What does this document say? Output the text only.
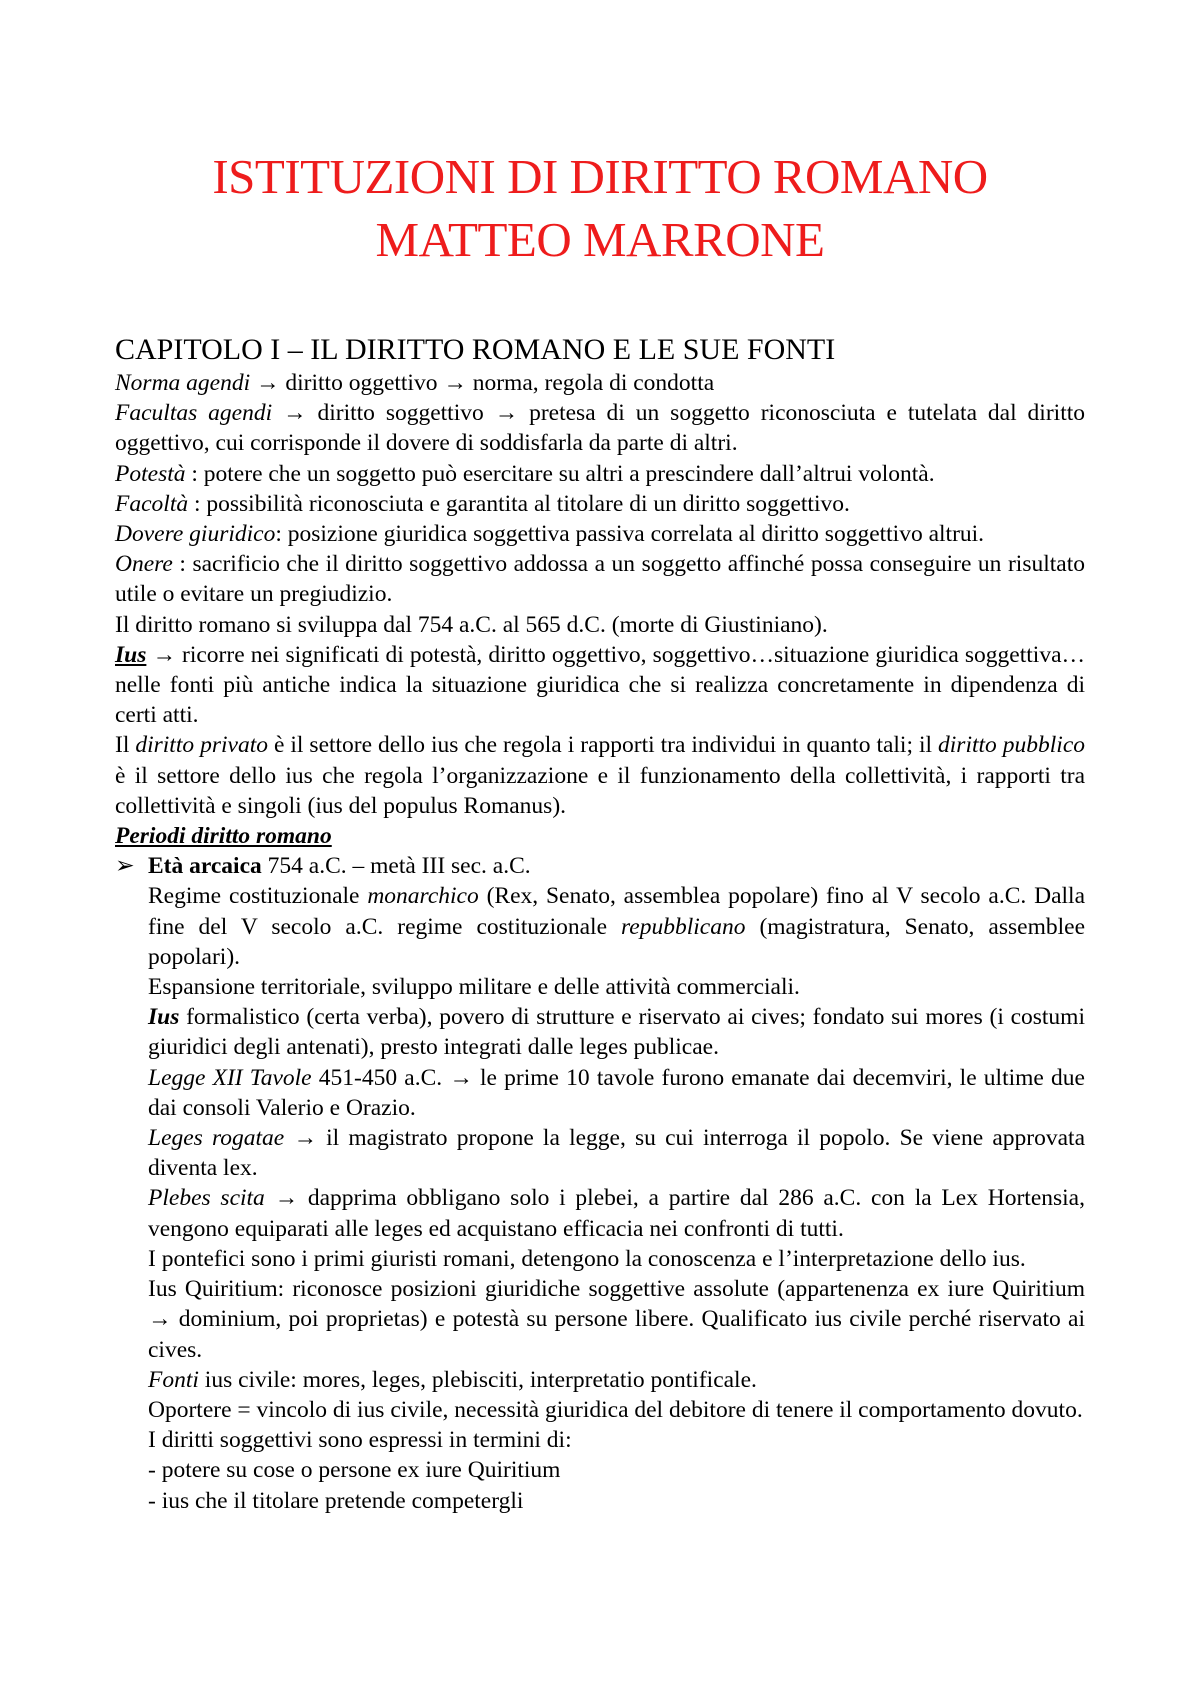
ISTITUZIONI DI DIRITTO ROMANO
MATTEO MARRONE
CAPITOLO I – IL DIRITTO ROMANO E LE SUE FONTI

Norma agendi → diritto oggettivo → norma, regola di condotta

Facultas agendi → diritto soggettivo → pretesa di un soggetto riconosciuta e tutelata dal diritto oggettivo, cui corrisponde il dovere di soddisfarla da parte di altri.

Potestà : potere che un soggetto può esercitare su altri a prescindere dall’altrui volontà.

Facoltà : possibilità riconosciuta e garantita al titolare di un diritto soggettivo.

Dovere giuridico: posizione giuridica soggettiva passiva correlata al diritto soggettivo altrui.

Onere : sacrificio che il diritto soggettivo addossa a un soggetto affinché possa conseguire un risultato utile o evitare un pregiudizio.

Il diritto romano si sviluppa dal 754 a.C. al 565 d.C. (morte di Giustiniano).

Ius → ricorre nei significati di potestà, diritto oggettivo, soggettivo…situazione giuridica soggettiva… nelle fonti più antiche indica la situazione giuridica che si realizza concretamente in dipendenza di certi atti.

Il diritto privato è il settore dello ius che regola i rapporti tra individui in quanto tali; il diritto pubblico è il settore dello ius che regola l’organizzazione e il funzionamento della collettività, i rapporti tra collettività e singoli (ius del populus Romanus).

Periodi diritto romano

➢ Età arcaica 754 a.C. – metà III sec. a.C.

Regime costituzionale monarchico (Rex, Senato, assemblea popolare) fino al V secolo a.C. Dalla fine del V secolo a.C. regime costituzionale repubblicano (magistratura, Senato, assemblee popolari).

Espansione territoriale, sviluppo militare e delle attività commerciali.

Ius formalistico (certa verba), povero di strutture e riservato ai cives; fondato sui mores (i costumi giuridici degli antenati), presto integrati dalle leges publicae.

Legge XII Tavole 451-450 a.C. → le prime 10 tavole furono emanate dai decemviri, le ultime due dai consoli Valerio e Orazio.

Leges rogatae → il magistrato propone la legge, su cui interroga il popolo. Se viene approvata diventa lex.

Plebes scita → dapprima obbligano solo i plebei, a partire dal 286 a.C. con la Lex Hortensia, vengono equiparati alle leges ed acquistano efficacia nei confronti di tutti.

I pontefici sono i primi giuristi romani, detengono la conoscenza e l’interpretazione dello ius.

Ius Quiritium: riconosce posizioni giuridiche soggettive assolute (appartenenza ex iure Quiritium → dominium, poi proprietas) e potestà su persone libere. Qualificato ius civile perché riservato ai cives.

Fonti ius civile: mores, leges, plebisciti, interpretatio pontificale.

Oportere = vincolo di ius civile, necessità giuridica del debitore di tenere il comportamento dovuto.

I diritti soggettivi sono espressi in termini di:

- potere su cose o persone ex iure Quiritium

- ius che il titolare pretende competergli
